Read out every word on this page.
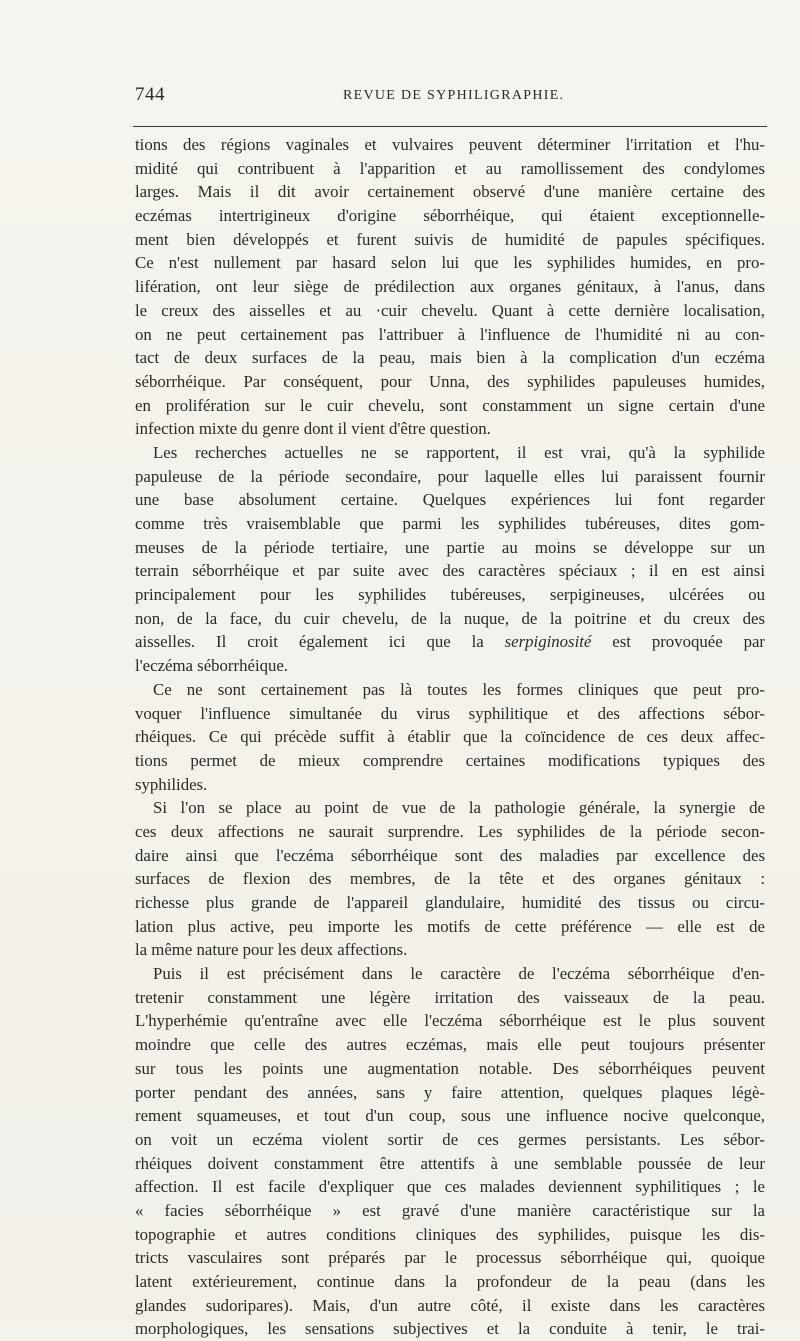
744	REVUE DE SYPHILIGRAPHIE.
tions des régions vaginales et vulvaires peuvent déterminer l'irritation et l'hu-
midité qui contribuent à l'apparition et au ramollissement des condylomes
larges. Mais il dit avoir certainement observé d'une manière certaine des
eczémas intertrigineux d'origine séborrhéique, qui étaient exceptionnelle-
ment bien développés et furent suivis de humidité de papules spécifiques.
Ce n'est nullement par hasard selon lui que les syphilides humides, en pro-
lifération, ont leur siège de prédilection aux organes génitaux, à l'anus, dans
le creux des aisselles et au ·cuir chevelu. Quant à cette dernière localisation,
on ne peut certainement pas l'attribuer à l'influence de l'humidité ni au con-
tact de deux surfaces de la peau, mais bien à la complication d'un eczéma
séborrhéique. Par conséquent, pour Unna, des syphilides papuleuses humides,
en prolifération sur le cuir chevelu, sont constamment un signe certain d'une
infection mixte du genre dont il vient d'être question.
Les recherches actuelles ne se rapportent, il est vrai, qu'à la syphilide
papuleuse de la période secondaire, pour laquelle elles lui paraissent fournir
une base absolument certaine. Quelques expériences lui font regarder
comme très vraisemblable que parmi les syphilides tubéreuses, dites gom-
meuses de la période tertiaire, une partie au moins se développe sur un
terrain séborrhéique et par suite avec des caractères spéciaux ; il en est ainsi
principalement pour les syphilides tubéreuses, serpigineuses, ulcérées ou
non, de la face, du cuir chevelu, de la nuque, de la poitrine et du creux des
aisselles. Il croit également ici que la serpiginosité est provoquée par
l'eczéma séborrhéique.
Ce ne sont certainement pas là toutes les formes cliniques que peut pro-
voquer l'influence simultanée du virus syphilitique et des affections sébor-
rhéiques. Ce qui précède suffit à établir que la coïncidence de ces deux affec-
tions permet de mieux comprendre certaines modifications typiques des
syphilides.
Si l'on se place au point de vue de la pathologie générale, la synergie de
ces deux affections ne saurait surprendre. Les syphilides de la période secon-
daire ainsi que l'eczéma séborrhéique sont des maladies par excellence des
surfaces de flexion des membres, de la tête et des organes génitaux :
richesse plus grande de l'appareil glandulaire, humidité des tissus ou circu-
lation plus active, peu importe les motifs de cette préférence — elle est de
la même nature pour les deux affections.
Puis il est précisément dans le caractère de l'eczéma séborrhéique d'en-
tretenir constamment une légère irritation des vaisseaux de la peau.
L'hyperhémie qu'entraîne avec elle l'eczéma séborrhéique est le plus souvent
moindre que celle des autres eczémas, mais elle peut toujours présenter
sur tous les points une augmentation notable. Des séborrhéiques peuvent
porter pendant des années, sans y faire attention, quelques plaques légè-
rement squameuses, et tout d'un coup, sous une influence nocive quelconque,
on voit un eczéma violent sortir de ces germes persistants. Les sébor-
rhéiques doivent constamment être attentifs à une semblable poussée de leur
affection. Il est facile d'expliquer que ces malades deviennent syphilitiques ; le
« facies séborrhéique » est gravé d'une manière caractéristique sur la
topographie et autres conditions cliniques des syphilides, puisque les dis-
tricts vasculaires sont préparés par le processus séborrhéique qui, quoique
latent extérieurement, continue dans la profondeur de la peau (dans les
glandes sudoripares). Mais, d'un autre côté, il existe dans les caractères
morphologiques, les sensations subjectives et la conduite à tenir, le trai-
